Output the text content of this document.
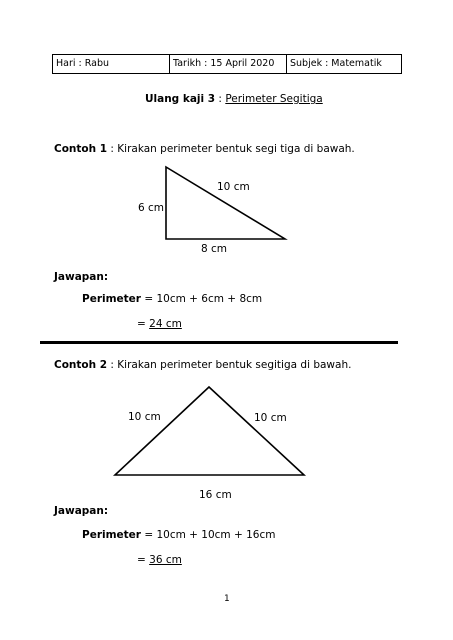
Hari : Rabu	Tarikh : 15 April 2020	Subjek : Matematik
Ulang kaji 3 : Perimeter Segitiga
Contoh 1 : Kirakan perimeter bentuk segi tiga di bawah.
6 cm
10 cm
8 cm
Jawapan:
Perimeter = 10cm + 6cm + 8cm
= 24 cm
Contoh 2 : Kirakan perimeter bentuk segitiga di bawah.
10 cm	10 cm
16 cm
Jawapan:
Perimeter = 10cm + 10cm + 16cm
= 36 cm
1
